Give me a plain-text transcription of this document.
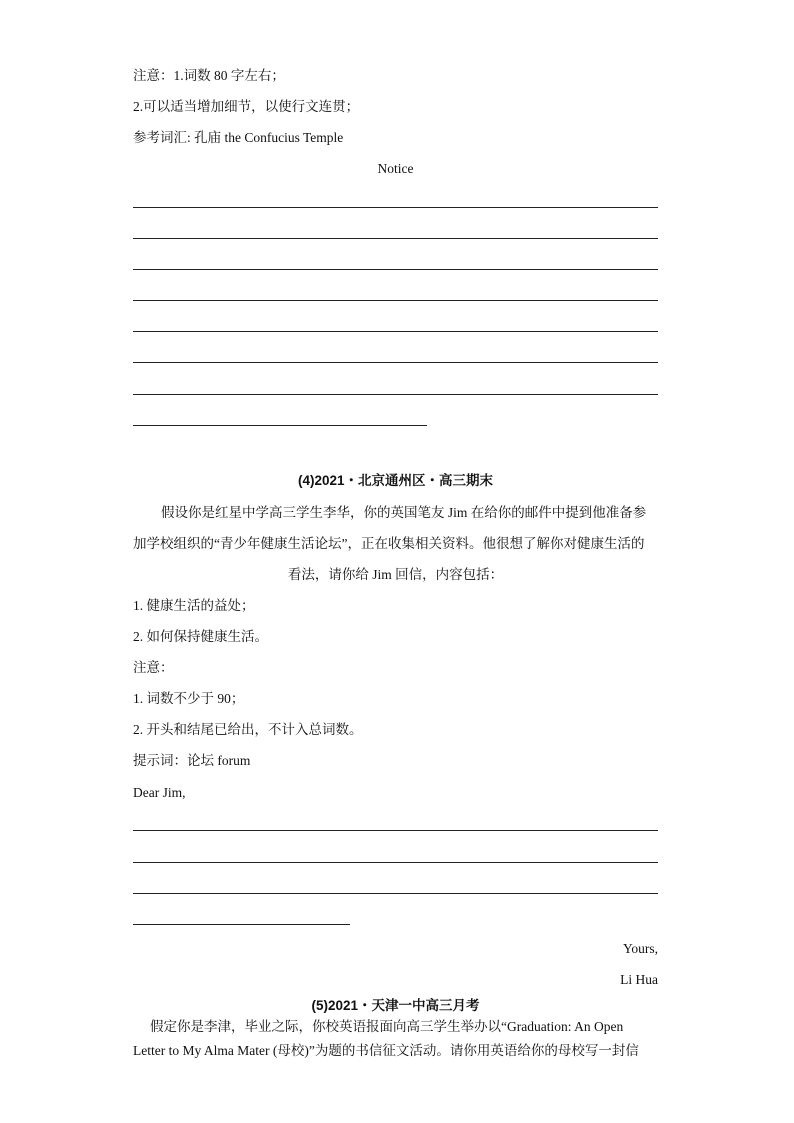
注意：1.词数 80 字左右；
2.可以适当增加细节，以使行文连贯；
参考词汇: 孔庙 the Confucius Temple
Notice
(4)2021・北京通州区・高三期末
假设你是红星中学高三学生李华，你的英国笔友 Jim 在给你的邮件中提到他准备参
加学校组织的“青少年健康生活论坛”，正在收集相关资料。他很想了解你对健康生活的
看法，请你给 Jim 回信，内容包括：
1. 健康生活的益处；
2. 如何保持健康生活。
注意：
1. 词数不少于 90；
2. 开头和结尾已给出，不计入总词数。
提示词：论坛 forum
Dear Jim,
Yours,
Li Hua
(5)2021・天津一中高三月考
假定你是李津，毕业之际，你校英语报面向高三学生举办以“Graduation: An Open
Letter to My Alma Mater (母校)”为题的书信征文活动。请你用英语给你的母校写一封信
